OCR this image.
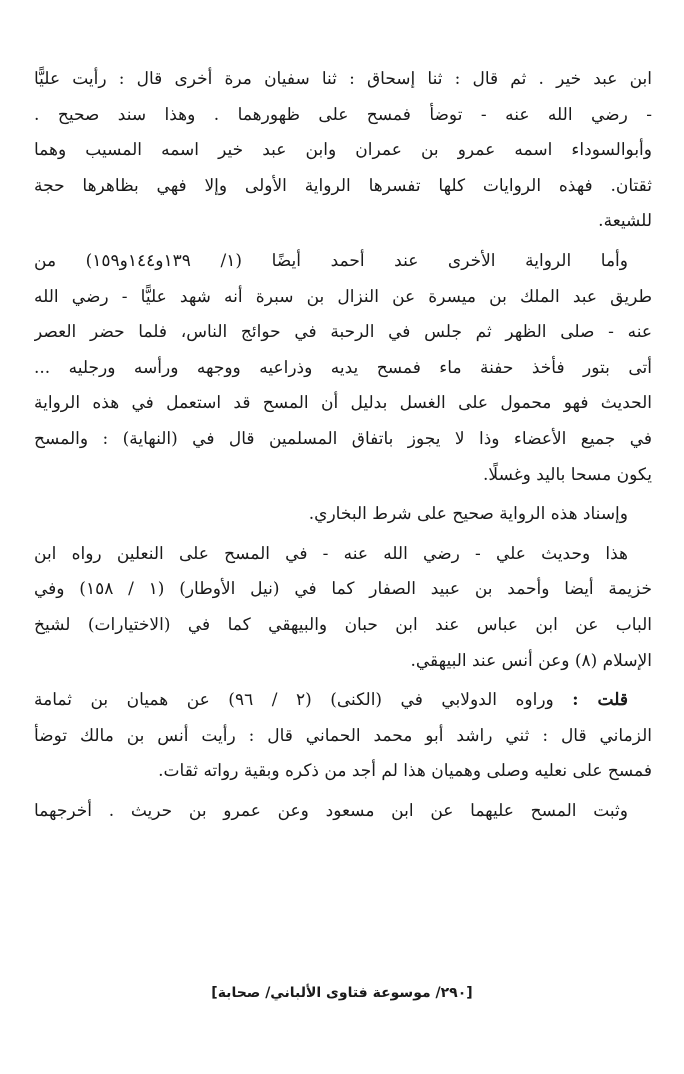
ابن عبد خير . ثم قال : ثنا إسحاق : ثنا سفيان مرة أخرى قال : رأيت عليًّا
- رضي الله عنه - توضأ فمسح على ظهورهما . وهذا سند صحيح .
وأبوالسوداء اسمه عمرو بن عمران وابن عبد خير اسمه المسيب وهما
ثقتان. فهذه الروايات كلها تفسرها الرواية الأولى وإلا فهي بظاهرها حجة
للشيعة.
وأما الرواية الأخرى عند أحمد أيضًا (١/ ١٣٩و١٤٤و١٥٩) من
طريق عبد الملك بن ميسرة عن النزال بن سبرة أنه شهد عليًّا - رضي الله
عنه - صلى الظهر ثم جلس في الرحبة في حوائج الناس، فلما حضر العصر
أتى بتور فأخذ حفنة ماء فمسح يديه وذراعيه ووجهه ورأسه ورجليه ...
الحديث فهو محمول على الغسل بدليل أن المسح قد استعمل في هذه الرواية
في جميع الأعضاء وذا لا يجوز باتفاق المسلمين قال في (النهاية) : والمسح
يكون مسحا باليد وغسلًا.
وإسناد هذه الرواية صحيح على شرط البخاري.
هذا وحديث علي - رضي الله عنه - في المسح على النعلين رواه ابن
خزيمة أيضا وأحمد بن عبيد الصفار كما في (نيل الأوطار) (١ / ١٥٨) وفي
الباب عن ابن عباس عند ابن حبان والبيهقي كما في (الاختيارات) لشيخ
الإسلام (٨) وعن أنس عند البيهقي.
قلت : وراوه الدولابي في (الكنى) (٢ / ٩٦) عن هميان بن ثمامة
الزماني قال : ثني راشد أبو محمد الحماني قال : رأيت أنس بن مالك توضأ
فمسح على نعليه وصلى وهميان هذا لم أجد من ذكره وبقية رواته ثقات.
وثبت المسح عليهما عن ابن مسعود وعن عمرو بن حريث . أخرجهما
[٢٩٠/ موسوعة فتاوى الألباني/ صحابة]
